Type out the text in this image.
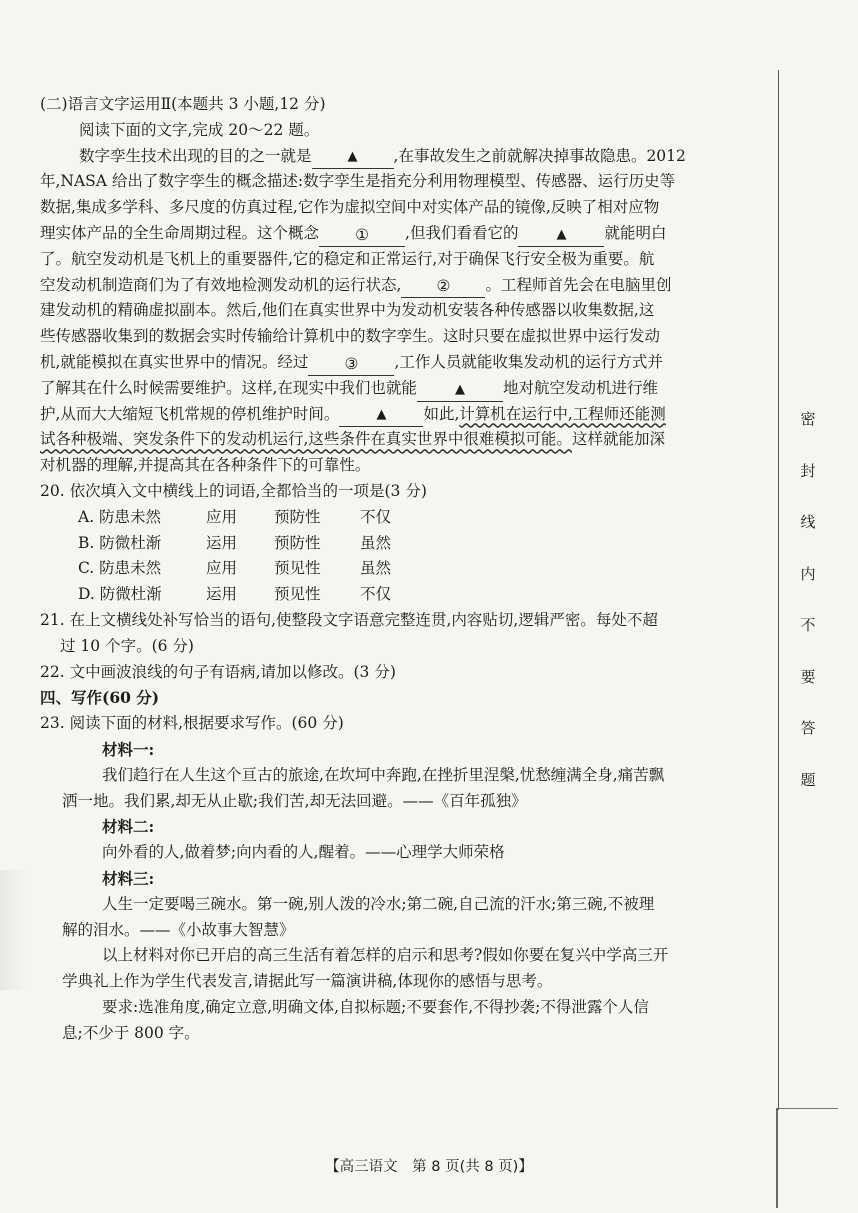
(二)语言文字运用Ⅱ(本题共 3 小题,12 分)
阅读下面的文字,完成 20～22 题。
数字孪生技术出现的目的之一就是	▲ ,在事故发生之前就解决掉事故隐患。2012
年,NASA 给出了数字孪生的概念描述:数字孪生是指充分利用物理模型、传感器、运行历史等
数据,集成多学科、多尺度的仿真过程,它作为虚拟空间中对实体产品的镜像,反映了相对应物
理实体产品的全生命周期过程。这个概念 ① ,但我们看看它的	▲ 就能明白
了。航空发动机是飞机上的重要器件,它的稳定和正常运行,对于确保飞行安全极为重要。航
空发动机制造商们为了有效地检测发动机的运行状态, ② 。工程师首先会在电脑里创
建发动机的精确虚拟副本。然后,他们在真实世界中为发动机安装各种传感器以收集数据,这
些传感器收集到的数据会实时传输给计算机中的数字孪生。这时只要在虚拟世界中运行发动
机,就能模拟在真实世界中的情况。经过 ③ ,工作人员就能收集发动机的运行方式并
了解其在什么时候需要维护。这样,在现实中我们也就能	▲ 地对航空发动机进行维
护,从而大大缩短飞机常规的停机维护时间。	▲ 如此,计算机在运行中,工程师还能测
试各种极端、突发条件下的发动机运行,这些条件在真实世界中很难模拟可能。这样就能加深
对机器的理解,并提高其在各种条件下的可靠性。
20. 依次填入文中横线上的词语,全都恰当的一项是(3 分)
A. 防患未然	应用	预防性	不仅
B. 防微杜渐	运用	预防性	虽然
C. 防患未然	应用	预见性	虽然
D. 防微杜渐	运用	预见性	不仅
21. 在上文横线处补写恰当的语句,使整段文字语意完整连贯,内容贴切,逻辑严密。每处不超
过 10 个字。(6 分)
22. 文中画波浪线的句子有语病,请加以修改。(3 分)
四、写作(60 分)
23. 阅读下面的材料,根据要求写作。(60 分)
材料一:
我们趋行在人生这个亘古的旅途,在坎坷中奔跑,在挫折里涅槃,忧愁缠满全身,痛苦飘
洒一地。我们累,却无从止歇;我们苦,却无法回避。——《百年孤独》
材料二:
向外看的人,做着梦;向内看的人,醒着。——心理学大师荣格
材料三:
人生一定要喝三碗水。第一碗,别人泼的冷水;第二碗,自己流的汗水;第三碗,不被理
解的泪水。——《小故事大智慧》
以上材料对你已开启的高三生活有着怎样的启示和思考?假如你要在复兴中学高三开
学典礼上作为学生代表发言,请据此写一篇演讲稿,体现你的感悟与思考。
要求:选准角度,确定立意,明确文体,自拟标题;不要套作,不得抄袭;不得泄露个人信
息;不少于 800 字。
密
封
线
内
不
要
答
题
【高三语文　第 8 页(共 8 页)】
